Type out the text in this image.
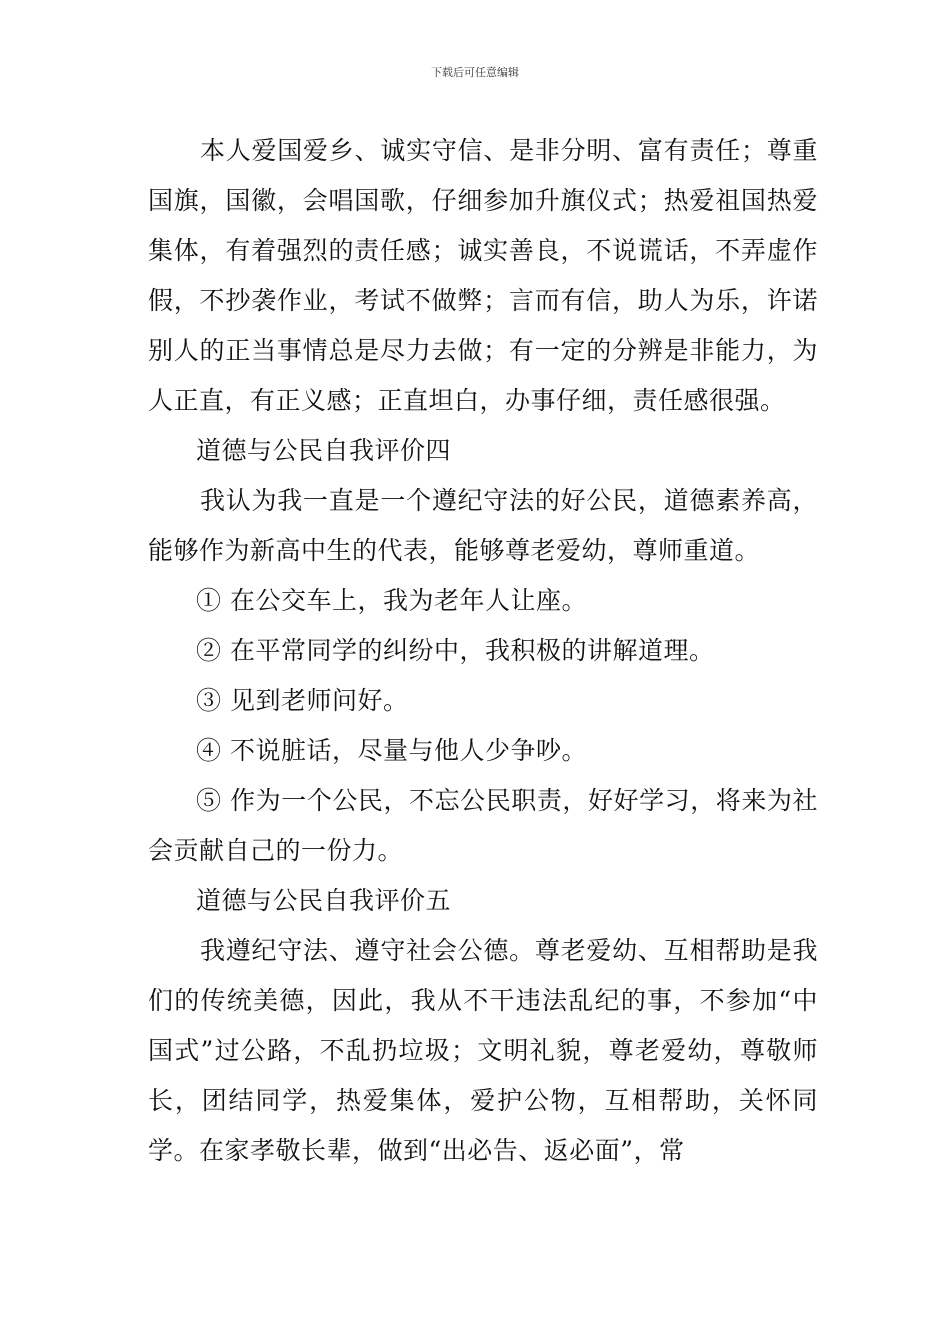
下载后可任意编辑

本人爱国爱乡、诚实守信、是非分明、富有责任；尊重国旗，国徽，会唱国歌，仔细参加升旗仪式；热爱祖国热爱集体，有着强烈的责任感；诚实善良，不说谎话，不弄虚作假，不抄袭作业，考试不做弊；言而有信，助人为乐，许诺别人的正当事情总是尽力去做；有一定的分辨是非能力，为人正直，有正义感；正直坦白，办事仔细，责任感很强。

道德与公民自我评价四

我认为我一直是一个遵纪守法的好公民，道德素养高，能够作为新高中生的代表，能够尊老爱幼，尊师重道。

① 在公交车上，我为老年人让座。

② 在平常同学的纠纷中，我积极的讲解道理。

③ 见到老师问好。

④ 不说脏话，尽量与他人少争吵。

⑤ 作为一个公民，不忘公民职责，好好学习，将来为社会贡献自己的一份力。

道德与公民自我评价五

我遵纪守法、遵守社会公德。尊老爱幼、互相帮助是我们的传统美德，因此，我从不干违法乱纪的事，不参加“中国式”过公路，不乱扔垃圾；文明礼貌，尊老爱幼，尊敬师长，团结同学，热爱集体，爱护公物，互相帮助，关怀同学。在家孝敬长辈，做到“出必告、返必面”，常
